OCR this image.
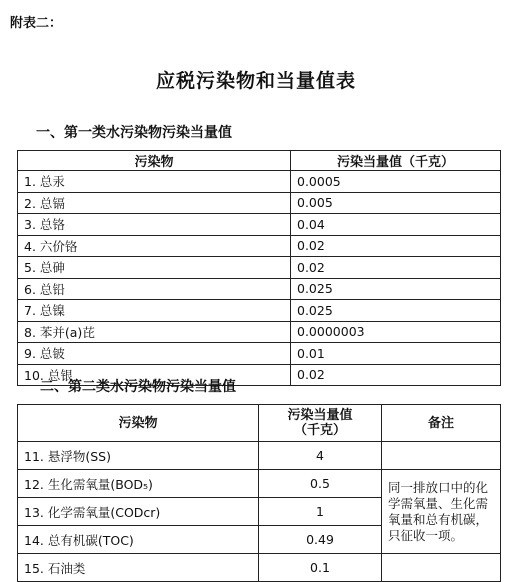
附表二：
应税污染物和当量值表
一、第一类水污染物污染当量值
污染物	污染当量值（千克）
1. 总汞	0.0005
2. 总镉	0.005
3. 总铬	0.04
4. 六价铬	0.02
5. 总砷	0.02
6. 总铅	0.025
7. 总镍	0.025
8. 苯并(a)芘	0.0000003
9. 总铍	0.01
10. 总银	0.02
二、第二类水污染物污染当量值
污染物	污染当量值（千克）	备注
11. 悬浮物(SS)	4	
12. 生化需氧量(BOD₅)	0.5	同一排放口中的化学需氧量、生化需氧量和总有机碳，只征收一项。
13. 化学需氧量(CODcr)	1	
14. 总有机碳(TOC)	0.49	
15. 石油类	0.1	
